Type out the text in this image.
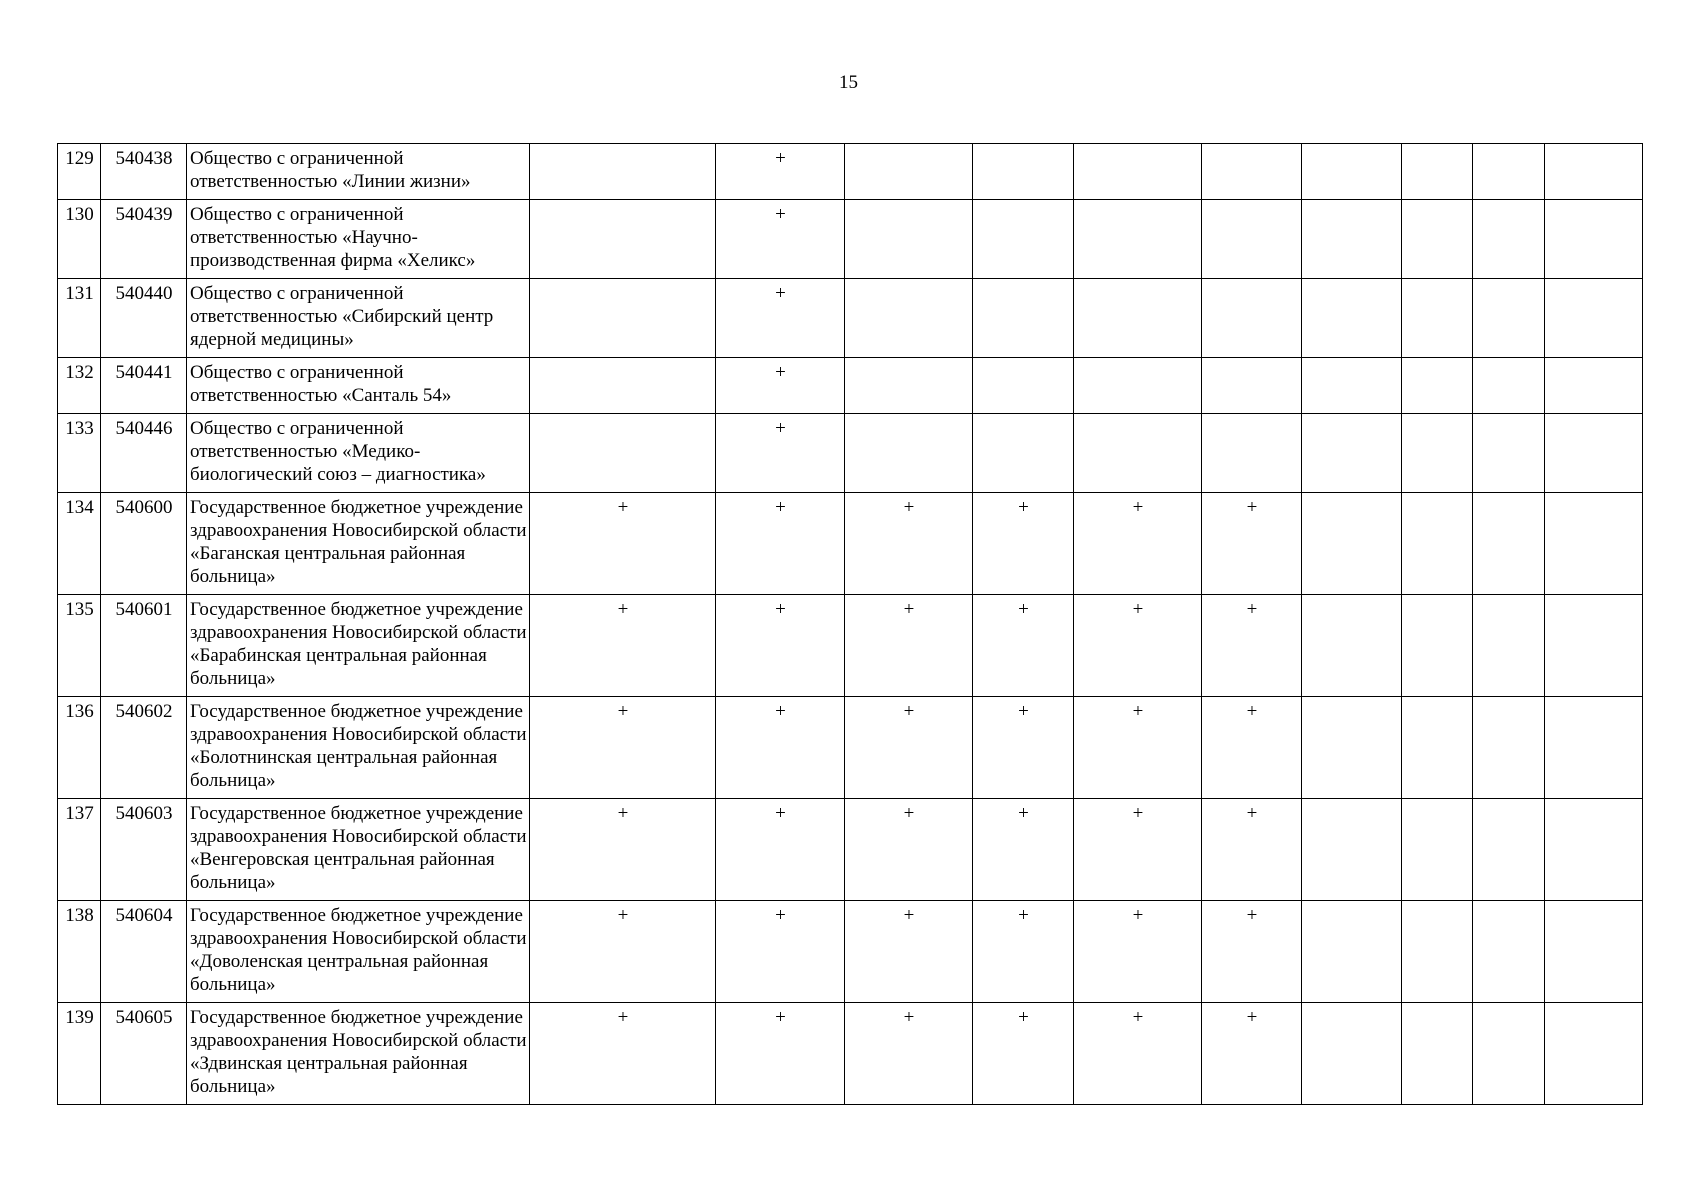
15
129	540438	Общество с ограниченной ответственностью «Линии жизни»		+								
130	540439	Общество с ограниченной ответственностью «Научно-производственная фирма «Хеликс»		+								
131	540440	Общество с ограниченной ответственностью «Сибирский центр ядерной медицины»		+								
132	540441	Общество с ограниченной ответственностью «Санталь 54»		+								
133	540446	Общество с ограниченной ответственностью «Медико-биологический союз – диагностика»		+								
134	540600	Государственное бюджетное учреждение здравоохранения Новосибирской области «Баганская центральная районная больница»	+	+	+	+	+	+				
135	540601	Государственное бюджетное учреждение здравоохранения Новосибирской области «Барабинская центральная районная больница»	+	+	+	+	+	+				
136	540602	Государственное бюджетное учреждение здравоохранения Новосибирской области «Болотнинская центральная районная больница»	+	+	+	+	+	+				
137	540603	Государственное бюджетное учреждение здравоохранения Новосибирской области «Венгеровская центральная районная больница»	+	+	+	+	+	+				
138	540604	Государственное бюджетное учреждение здравоохранения Новосибирской области «Доволенская центральная районная больница»	+	+	+	+	+	+				
139	540605	Государственное бюджетное учреждение здравоохранения Новосибирской области «Здвинская центральная районная больница»	+	+	+	+	+	+				
